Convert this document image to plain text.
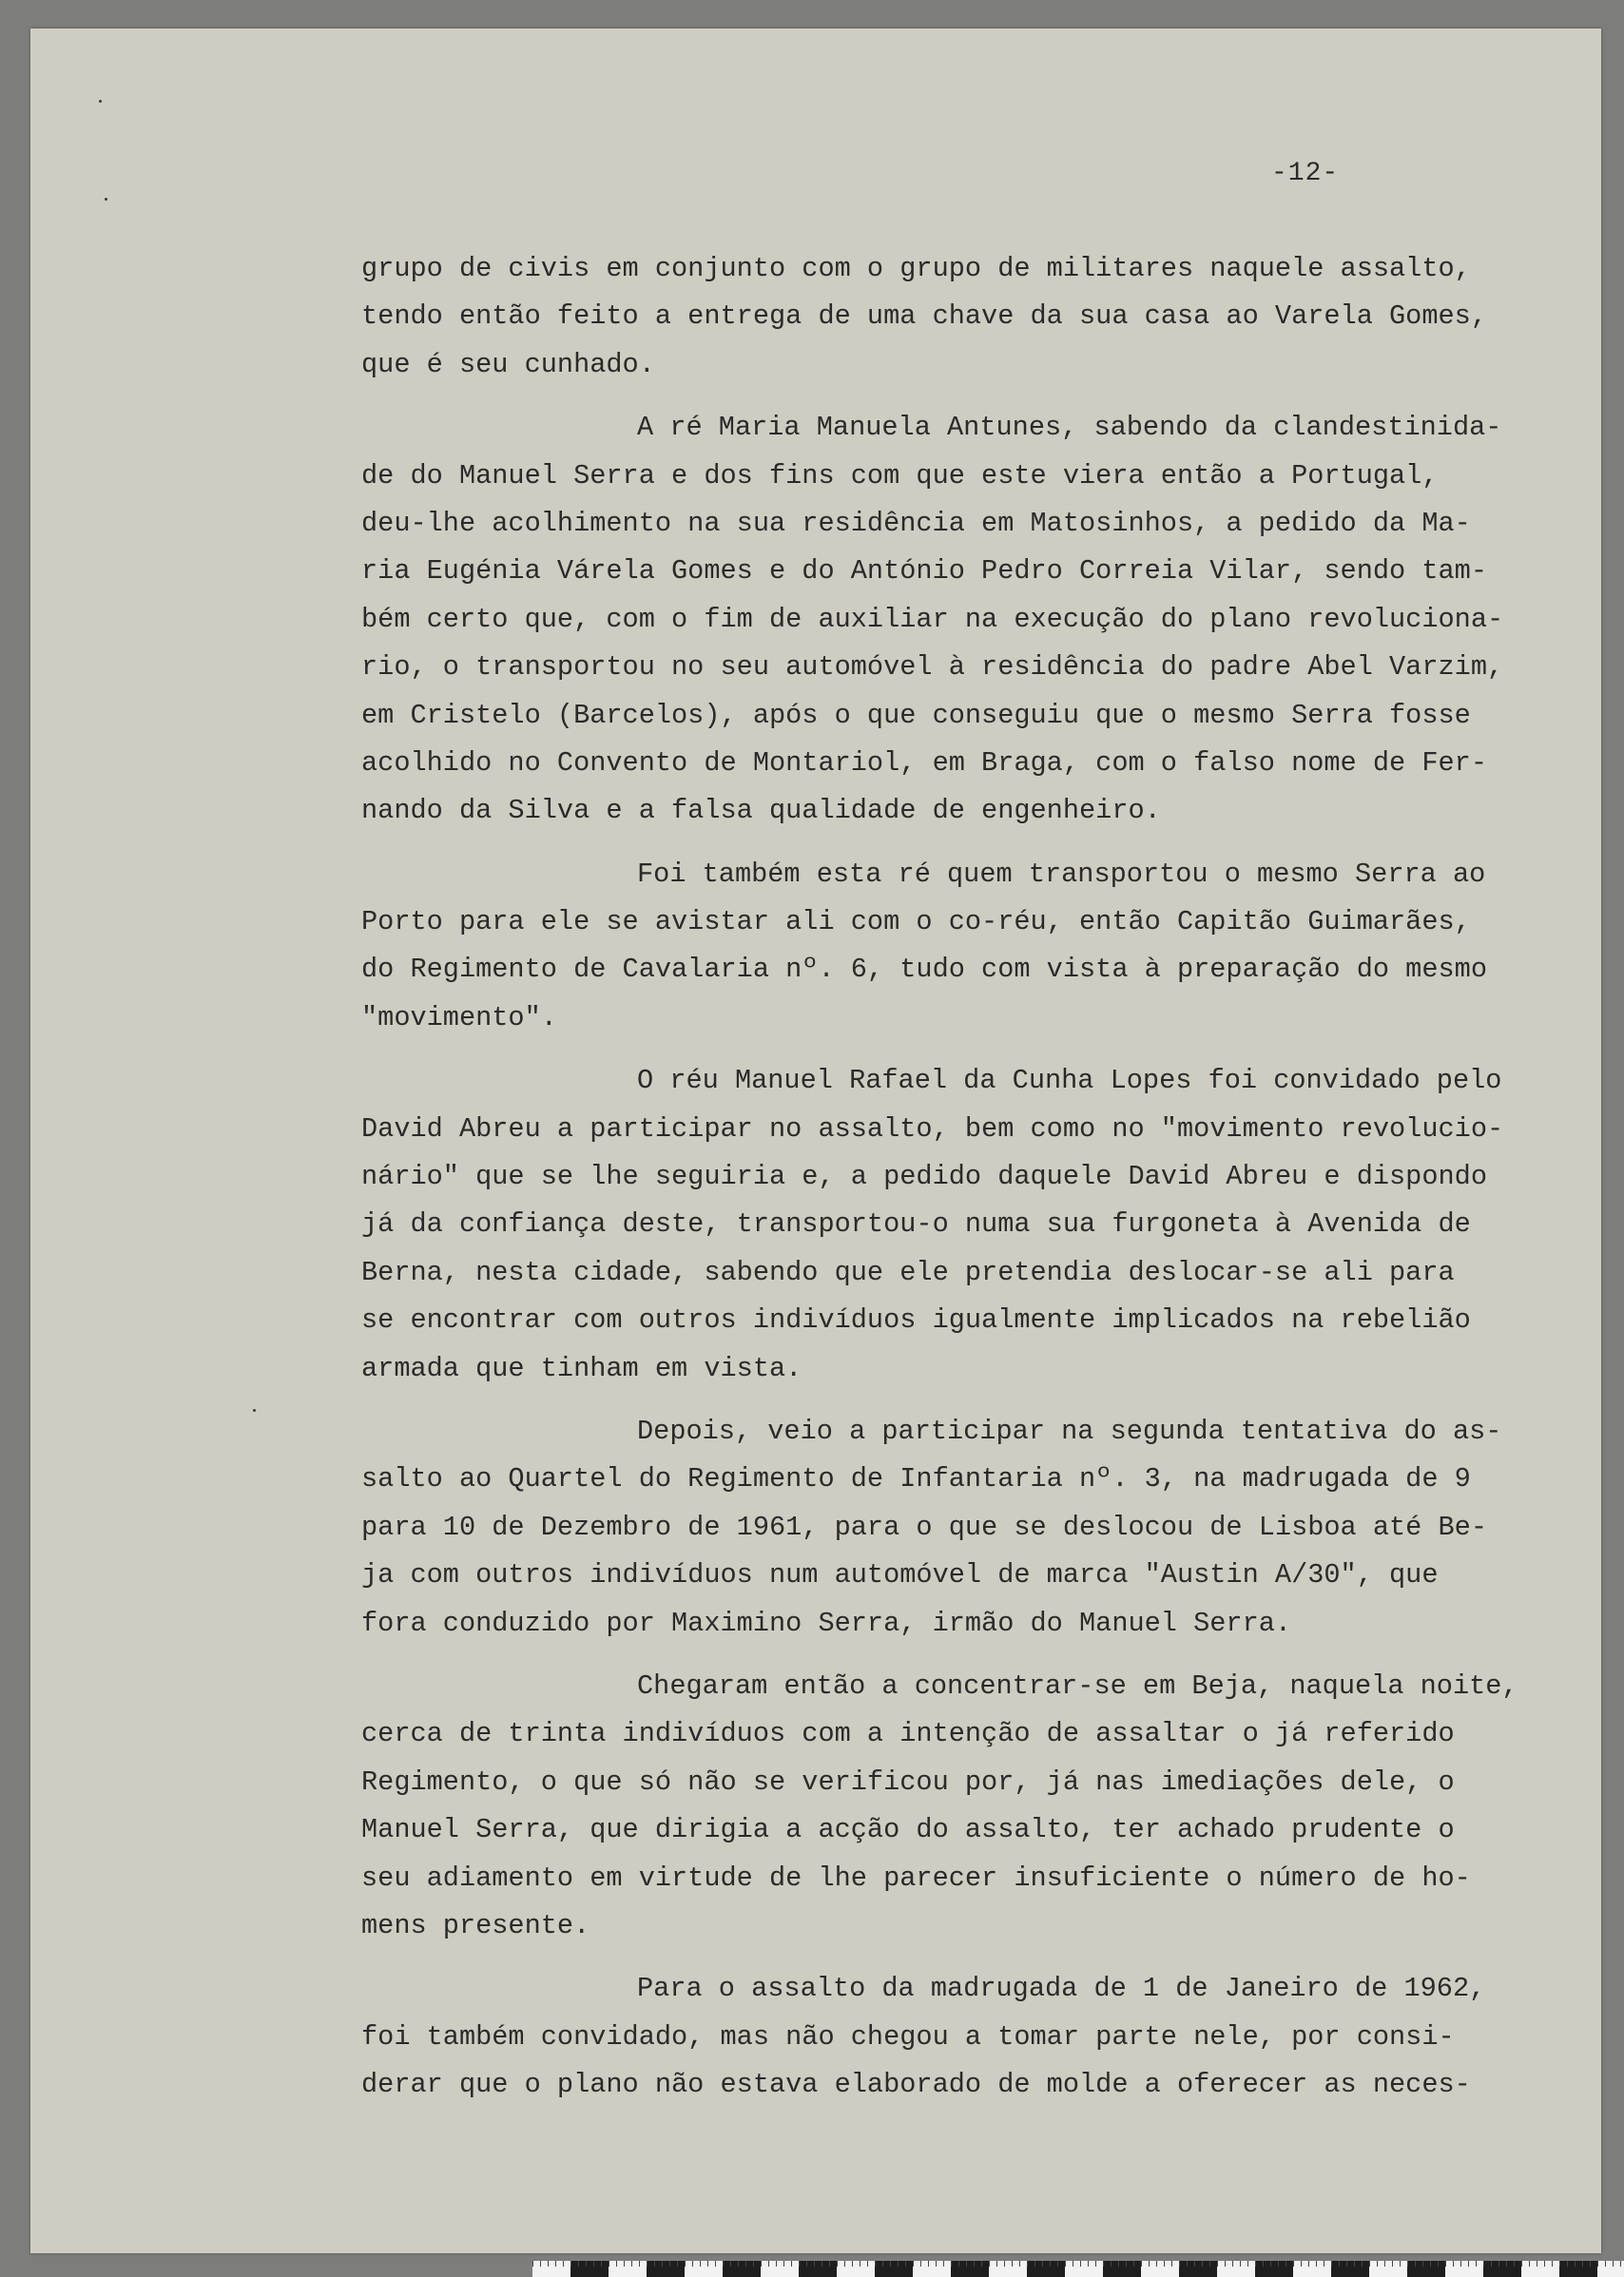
-12-
grupo de civis em conjunto com o grupo de militares naquele assalto,
tendo então feito a entrega de uma chave da sua casa ao Varela Gomes,
que é seu cunhado.
A ré Maria Manuela Antunes, sabendo da clandestinida-
de do Manuel Serra e dos fins com que este viera então a Portugal,
deu-lhe acolhimento na sua residência em Matosinhos, a pedido da Ma-
ria Eugénia Várela Gomes e do António Pedro Correia Vilar, sendo tam-
bém certo que, com o fim de auxiliar na execução do plano revoluciona-
rio, o transportou no seu automóvel à residência do padre Abel Varzim,
em Cristelo (Barcelos), após o que conseguiu que o mesmo Serra fosse
acolhido no Convento de Montariol, em Braga, com o falso nome de Fer-
nando da Silva e a falsa qualidade de engenheiro.
Foi também esta ré quem transportou o mesmo Serra ao
Porto para ele se avistar ali com o co-réu, então Capitão Guimarães,
do Regimento de Cavalaria nº. 6, tudo com vista à preparação do mesmo
"movimento".
O réu Manuel Rafael da Cunha Lopes foi convidado pelo
David Abreu a participar no assalto, bem como no "movimento revolucio-
nário" que se lhe seguiria e, a pedido daquele David Abreu e dispondo
já da confiança deste, transportou-o numa sua furgoneta à Avenida de
Berna, nesta cidade, sabendo que ele pretendia deslocar-se ali para
se encontrar com outros indivíduos igualmente implicados na rebelião
armada que tinham em vista.
Depois, veio a participar na segunda tentativa do as-
salto ao Quartel do Regimento de Infantaria nº. 3, na madrugada de 9
para 10 de Dezembro de 1961, para o que se deslocou de Lisboa até Be-
ja com outros indivíduos num automóvel de marca "Austin A/30", que
fora conduzido por Maximino Serra, irmão do Manuel Serra.
Chegaram então a concentrar-se em Beja, naquela noite,
cerca de trinta indivíduos com a intenção de assaltar o já referido
Regimento, o que só não se verificou por, já nas imediações dele, o
Manuel Serra, que dirigia a acção do assalto, ter achado prudente o
seu adiamento em virtude de lhe parecer insuficiente o número de ho-
mens presente.
Para o assalto da madrugada de 1 de Janeiro de 1962,
foi também convidado, mas não chegou a tomar parte nele, por consi-
derar que o plano não estava elaborado de molde a oferecer as neces-
